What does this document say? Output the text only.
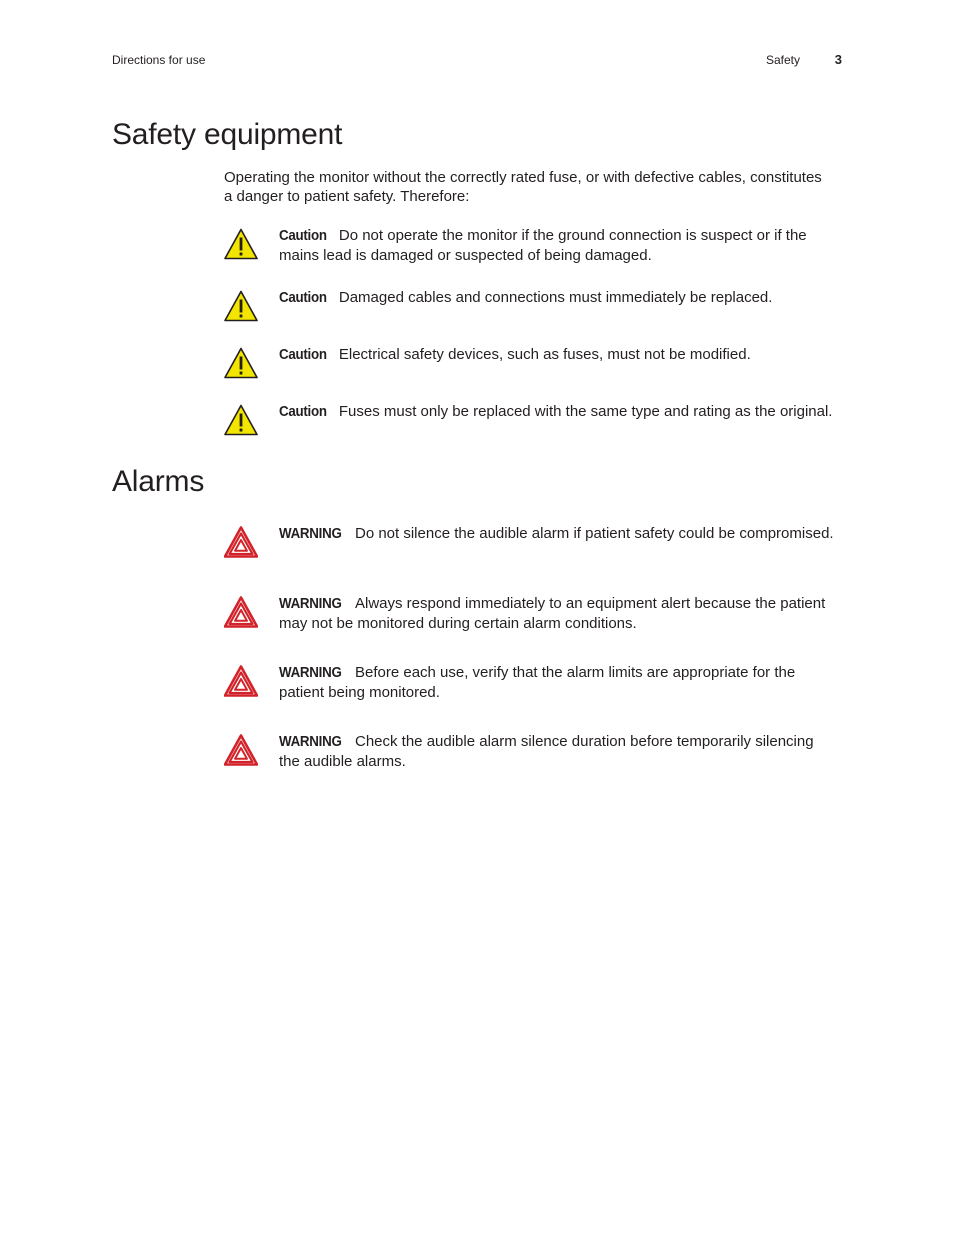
Directions for use	Safety	3
Safety equipment

Operating the monitor without the correctly rated fuse, or with defective cables, constitutes a danger to patient safety. Therefore:

Caution Do not operate the monitor if the ground connection is suspect or if the mains lead is damaged or suspected of being damaged.
Caution Damaged cables and connections must immediately be replaced.
Caution Electrical safety devices, such as fuses, must not be modified.
Caution Fuses must only be replaced with the same type and rating as the original.
Alarms
WARNING Do not silence the audible alarm if patient safety could be compromised.
WARNING Always respond immediately to an equipment alert because the patient may not be monitored during certain alarm conditions.
WARNING Before each use, verify that the alarm limits are appropriate for the patient being monitored.
WARNING Check the audible alarm silence duration before temporarily silencing the audible alarms.
